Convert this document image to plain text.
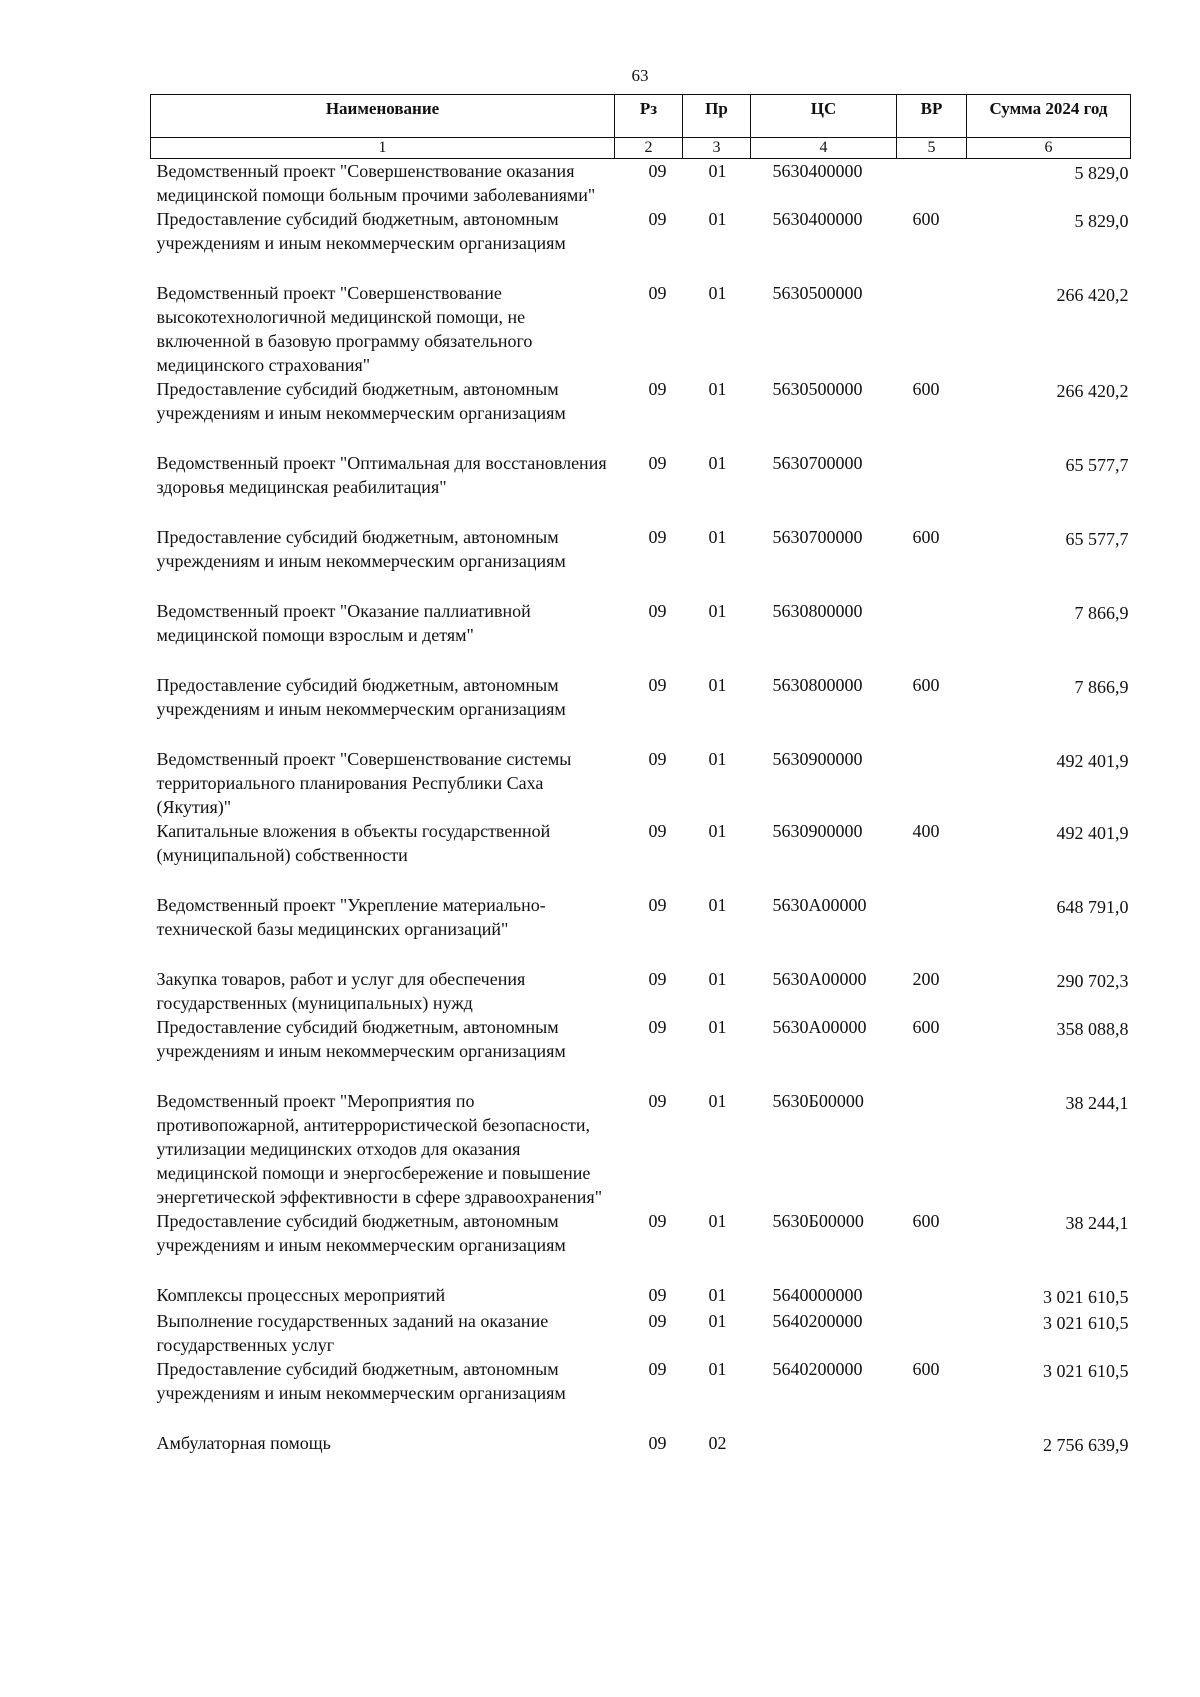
63
Наименование	Рз	Пр	ЦС	ВР	Сумма 2024 год
1	2	3	4	5	6
Ведомственный проект "Совершенствование оказания медицинской помощи больным прочими заболеваниями"	09	01	5630400000		5 829,0
Предоставление субсидий бюджетным, автономным учреждениям и иным некоммерческим организациям	09	01	5630400000	600	5 829,0
Ведомственный проект "Совершенствование высокотехнологичной медицинской помощи, не включенной в базовую программу обязательного медицинского страхования"	09	01	5630500000		266 420,2
Предоставление субсидий бюджетным, автономным учреждениям и иным некоммерческим организациям	09	01	5630500000	600	266 420,2
Ведомственный проект "Оптимальная для восстановления здоровья медицинская реабилитация"	09	01	5630700000		65 577,7
Предоставление субсидий бюджетным, автономным учреждениям и иным некоммерческим организациям	09	01	5630700000	600	65 577,7
Ведомственный проект "Оказание паллиативной медицинской помощи взрослым и детям"	09	01	5630800000		7 866,9
Предоставление субсидий бюджетным, автономным учреждениям и иным некоммерческим организациям	09	01	5630800000	600	7 866,9
Ведомственный проект "Совершенствование системы территориального планирования Республики Саха (Якутия)"	09	01	5630900000		492 401,9
Капитальные вложения в объекты государственной (муниципальной) собственности	09	01	5630900000	400	492 401,9
Ведомственный проект "Укрепление материально-технической базы медицинских организаций"	09	01	5630А00000		648 791,0
Закупка товаров, работ и услуг для обеспечения государственных (муниципальных) нужд	09	01	5630А00000	200	290 702,3
Предоставление субсидий бюджетным, автономным учреждениям и иным некоммерческим организациям	09	01	5630А00000	600	358 088,8
Ведомственный проект "Мероприятия по противопожарной, антитеррористической безопасности, утилизации медицинских отходов для оказания медицинской помощи и энергосбережение и повышение энергетической эффективности в сфере здравоохранения"	09	01	5630Б00000		38 244,1
Предоставление субсидий бюджетным, автономным учреждениям и иным некоммерческим организациям	09	01	5630Б00000	600	38 244,1
Комплексы процессных мероприятий	09	01	5640000000		3 021 610,5
Выполнение государственных заданий на оказание государственных услуг	09	01	5640200000		3 021 610,5
Предоставление субсидий бюджетным, автономным учреждениям и иным некоммерческим организациям	09	01	5640200000	600	3 021 610,5
Амбулаторная помощь	09	02			2 756 639,9
